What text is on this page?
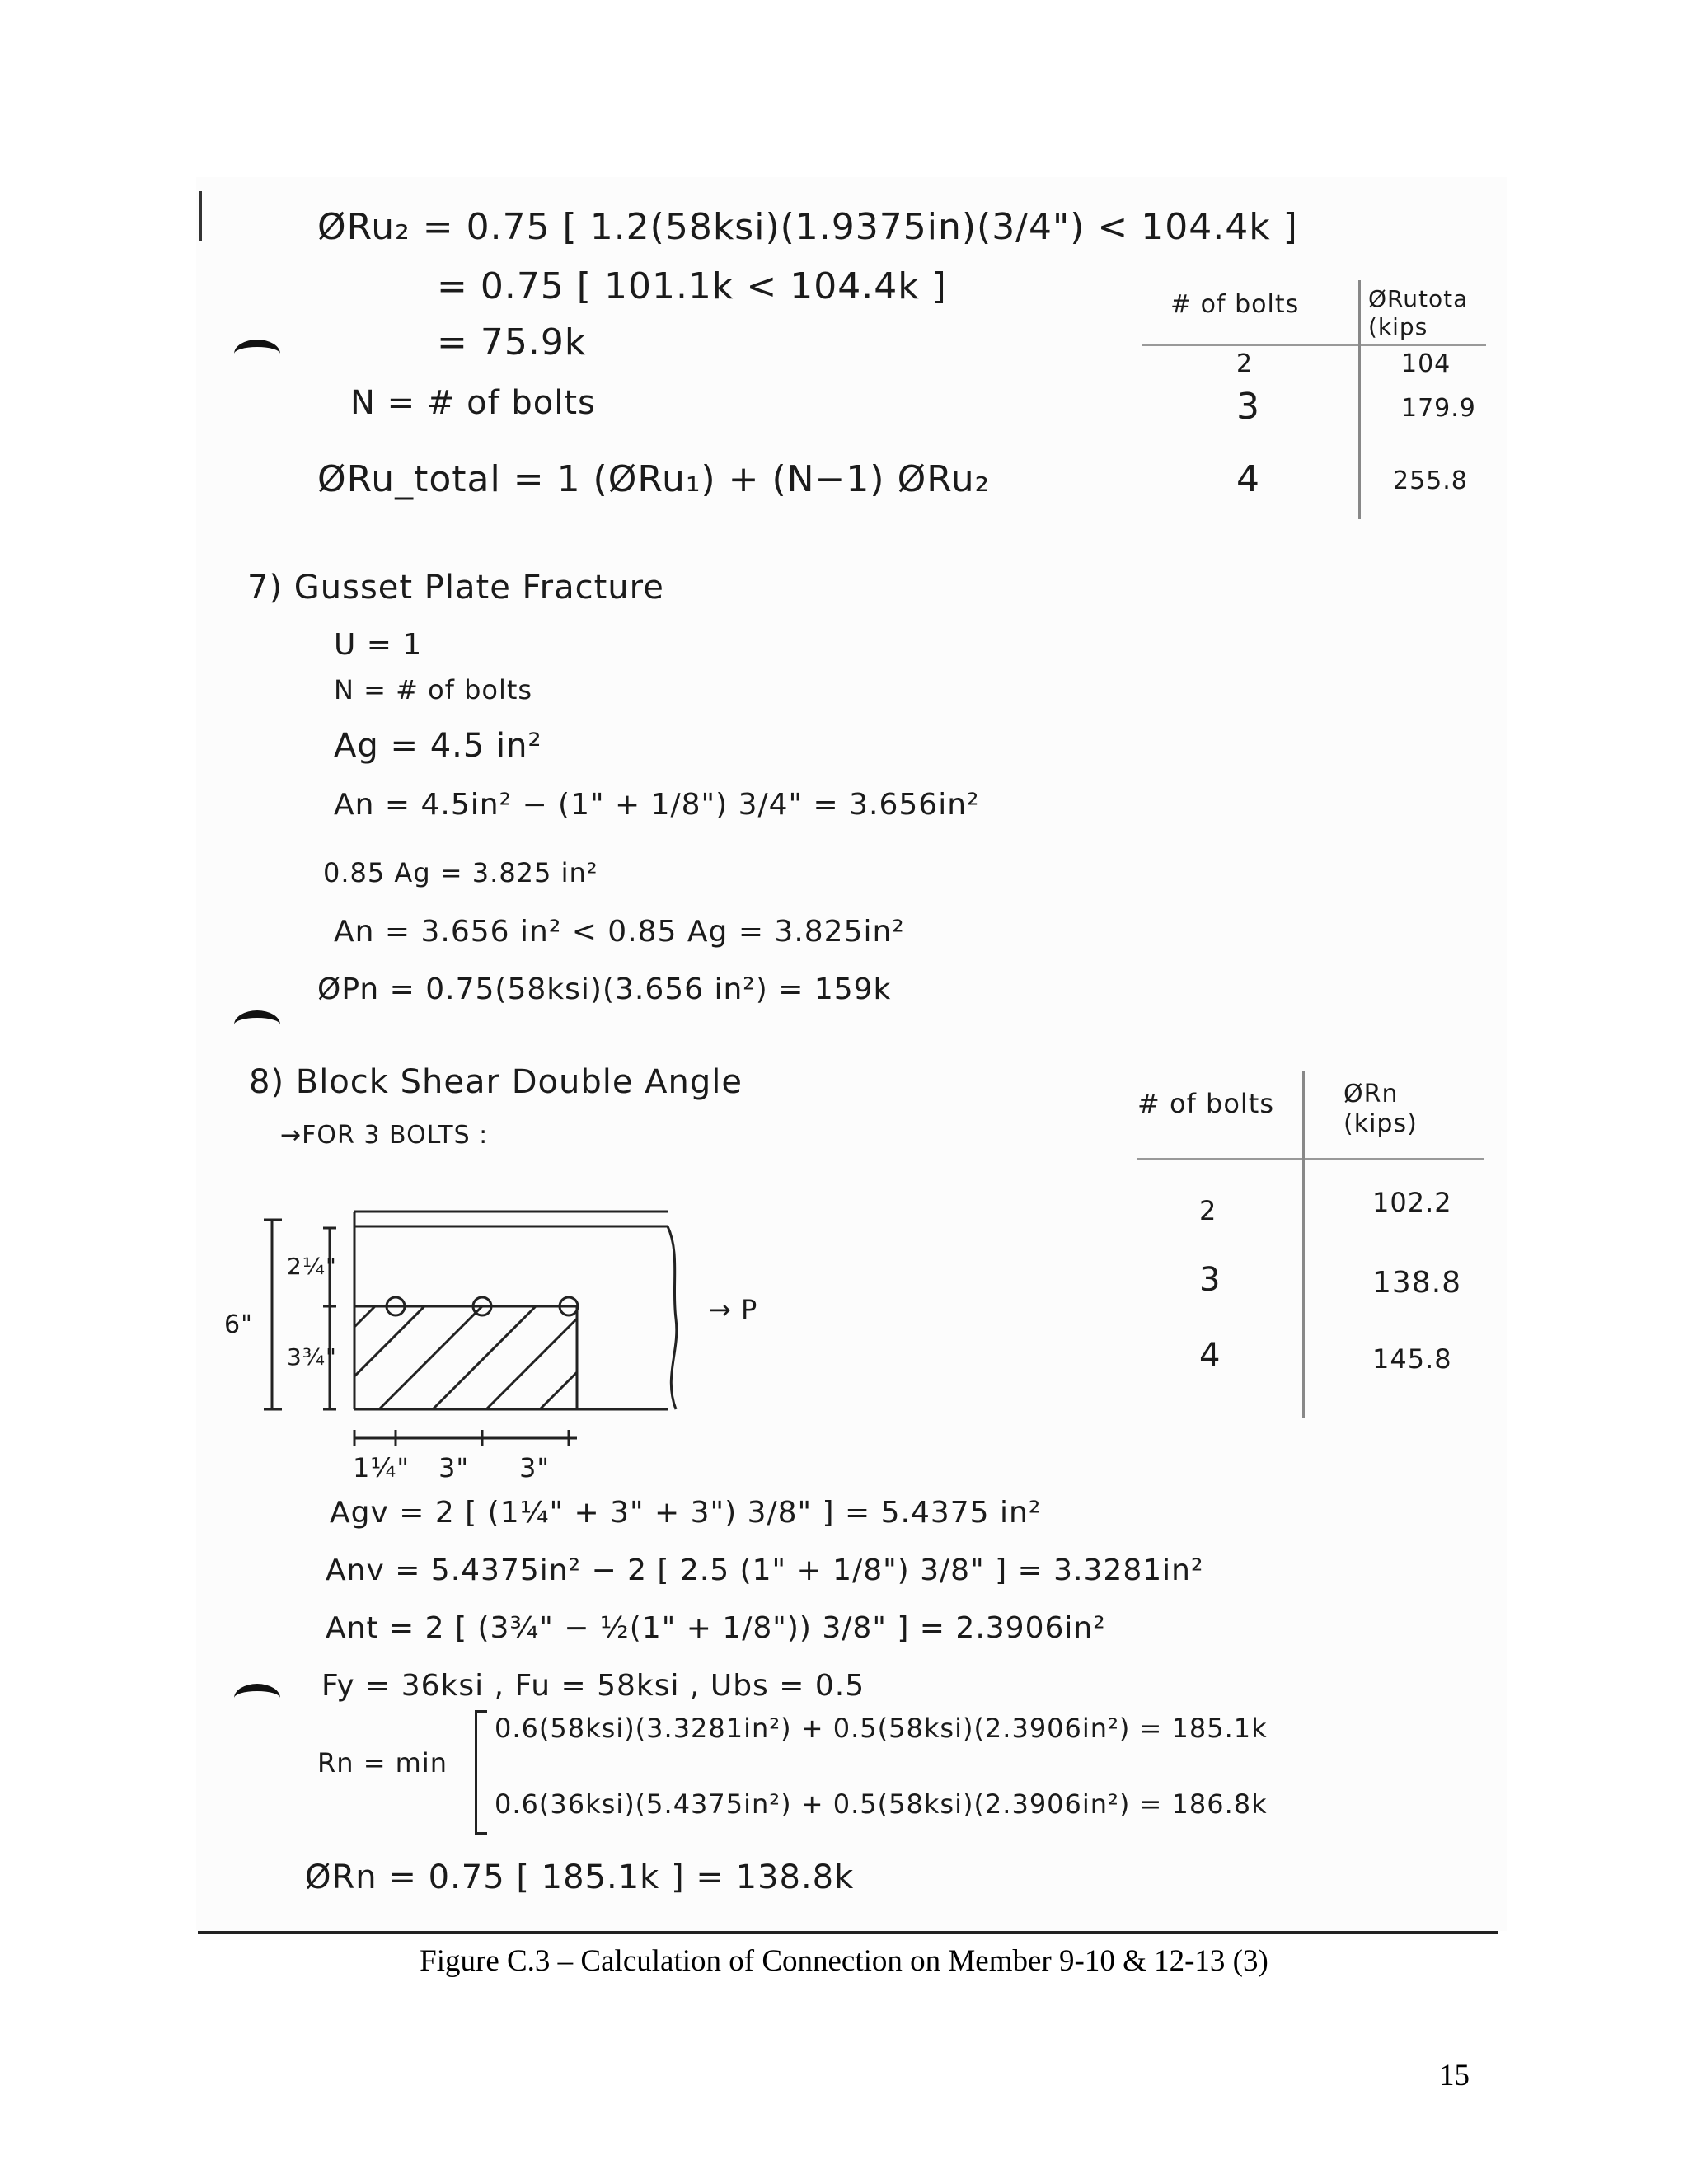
ØRu₂ = 0.75 [ 1.2(58ksi)(1.9375in)(3/4") < 104.4k ]
= 0.75 [ 101.1k < 104.4k ]
= 75.9k
N = # of bolts
ØRu_total = 1 (ØRu₁) + (N−1) ØRu₂
# of bolts	ØRutota (kips
2	104
3	179.9
4	255.8
7) Gusset Plate Fracture
U = 1
N = # of bolts
Ag = 4.5 in²
An = 4.5in² − (1" + 1/8") 3/4" = 3.656in²
0.85 Ag = 3.825 in²
An = 3.656 in² < 0.85 Ag = 3.825in²
ØPn = 0.75(58ksi)(3.656 in²) = 159k
8) Block Shear Double Angle
→FOR 3 BOLTS :
# of bolts	ØRn (kips)
2	102.2
3	138.8
4	145.8
6"
2¼"
3¾"
→ P
1¼" 3" 3"
Agv = 2 [ (1¼" + 3" + 3") 3/8" ] = 5.4375 in²
Anv = 5.4375in² − 2 [ 2.5 (1" + 1/8") 3/8" ] = 3.3281in²
Ant = 2 [ (3¾" − ½(1" + 1/8")) 3/8" ] = 2.3906in²
Fy = 36ksi , Fu = 58ksi , Ubs = 0.5
Rn = min
0.6(58ksi)(3.3281in²) + 0.5(58ksi)(2.3906in²) = 185.1k
0.6(36ksi)(5.4375in²) + 0.5(58ksi)(2.3906in²) = 186.8k
ØRn = 0.75 [ 185.1k ] = 138.8k
Figure C.3 – Calculation of Connection on Member 9-10 & 12-13 (3)
15
